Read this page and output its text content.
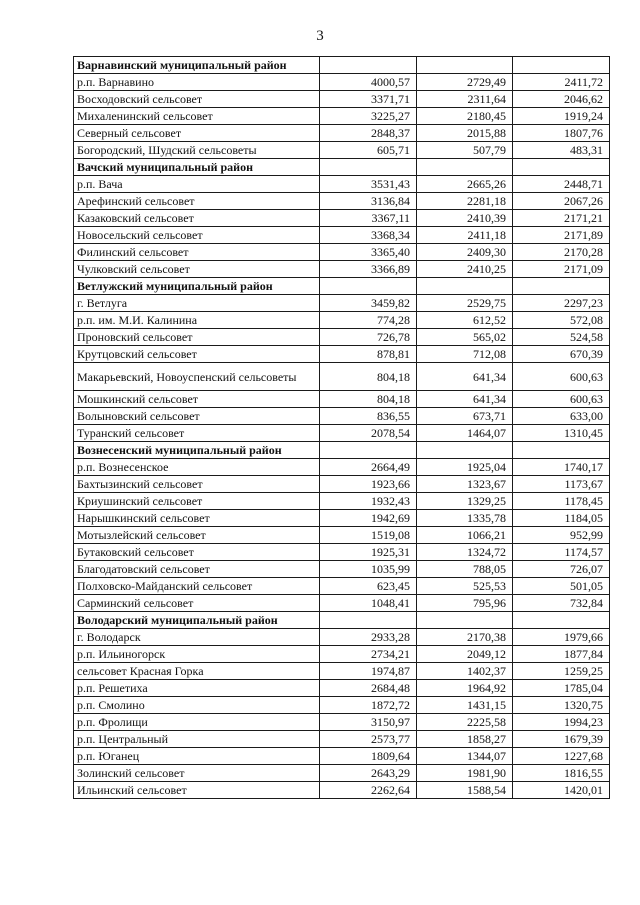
3
Варнавинский муниципальный район			
р.п. Варнавино	4000,57	2729,49	2411,72
Восходовский сельсовет	3371,71	2311,64	2046,62
Михаленинский сельсовет	3225,27	2180,45	1919,24
Северный сельсовет	2848,37	2015,88	1807,76
Богородский, Шудский сельсоветы	605,71	507,79	483,31
Вачский муниципальный район			
р.п. Вача	3531,43	2665,26	2448,71
Арефинский сельсовет	3136,84	2281,18	2067,26
Казаковский сельсовет	3367,11	2410,39	2171,21
Новосельский сельсовет	3368,34	2411,18	2171,89
Филинский сельсовет	3365,40	2409,30	2170,28
Чулковский сельсовет	3366,89	2410,25	2171,09
Ветлужский муниципальный район			
г. Ветлуга	3459,82	2529,75	2297,23
р.п. им. М.И. Калинина	774,28	612,52	572,08
Проновский сельсовет	726,78	565,02	524,58
Крутцовский сельсовет	878,81	712,08	670,39
Макарьевский, Новоуспенский сельсоветы	804,18	641,34	600,63
Мошкинский сельсовет	804,18	641,34	600,63
Волыновский сельсовет	836,55	673,71	633,00
Туранский сельсовет	2078,54	1464,07	1310,45
Вознесенский муниципальный район			
р.п. Вознесенское	2664,49	1925,04	1740,17
Бахтызинский сельсовет	1923,66	1323,67	1173,67
Криушинский сельсовет	1932,43	1329,25	1178,45
Нарышкинский сельсовет	1942,69	1335,78	1184,05
Мотызлейский сельсовет	1519,08	1066,21	952,99
Бутаковский сельсовет	1925,31	1324,72	1174,57
Благодатовский сельсовет	1035,99	788,05	726,07
Полховско-Майданский сельсовет	623,45	525,53	501,05
Сарминский сельсовет	1048,41	795,96	732,84
Володарский муниципальный район			
г. Володарск	2933,28	2170,38	1979,66
р.п. Ильиногорск	2734,21	2049,12	1877,84
сельсовет Красная Горка	1974,87	1402,37	1259,25
р.п. Решетиха	2684,48	1964,92	1785,04
р.п. Смолино	1872,72	1431,15	1320,75
р.п. Фролищи	3150,97	2225,58	1994,23
р.п. Центральный	2573,77	1858,27	1679,39
р.п. Юганец	1809,64	1344,07	1227,68
Золинский сельсовет	2643,29	1981,90	1816,55
Ильинский сельсовет	2262,64	1588,54	1420,01
